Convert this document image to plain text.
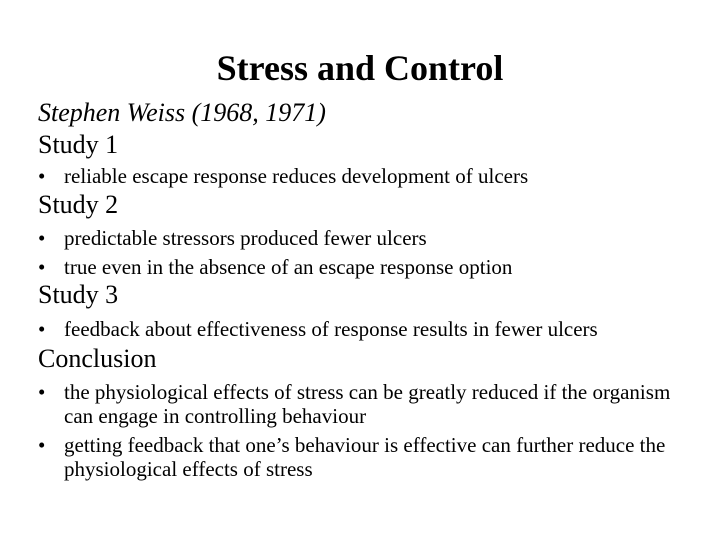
Stress and Control

Stephen Weiss (1968, 1971)

Study 1

• reliable escape response reduces development of ulcers

Study 2

• predictable stressors produced fewer ulcers
• true even in the absence of an escape response option

Study 3

• feedback about effectiveness of response results in fewer ulcers

Conclusion

• the physiological effects of stress can be greatly reduced if the organism can engage in controlling behaviour
• getting feedback that one’s behaviour is effective can further reduce the physiological effects of stress
